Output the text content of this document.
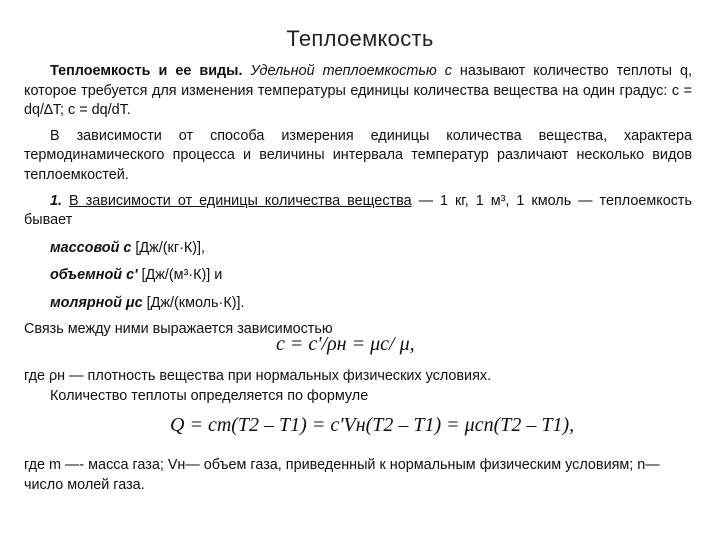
Теплоемкость

Теплоемкость и ее виды. Удельной теплоемкостью с называют количество теплоты q, которое требуется для изменения температуры единицы количества вещества на один градус: с = dq/∆T; c = dq/dT.

В зависимости от способа измерения единицы количества вещества, характера термодинамического процесса и величины интервала температур различают несколько видов теплоемкостей.

1. В зависимости от единицы количества вещества — 1 кг, 1 м³, 1 кмоль — теплоемкость бывает

массовой с [Дж/(кг·К)],
объемной с' [Дж/(м³·К)] и
молярной μс [Дж/(кмоль·К)].

Связь между ними выражается зависимостью

c = c'/ρн = μc/ μ,

где ρн — плотность вещества при нормальных физических условиях.

Количество теплоты определяется по формуле

Q = cm(T2 – T1) = c'Vн(T2 – T1) = μcn(T2 – T1),

где m —- масса газа; Vн— объем газа, приведенный к нормальным физическим условиям; n— число молей газа.
